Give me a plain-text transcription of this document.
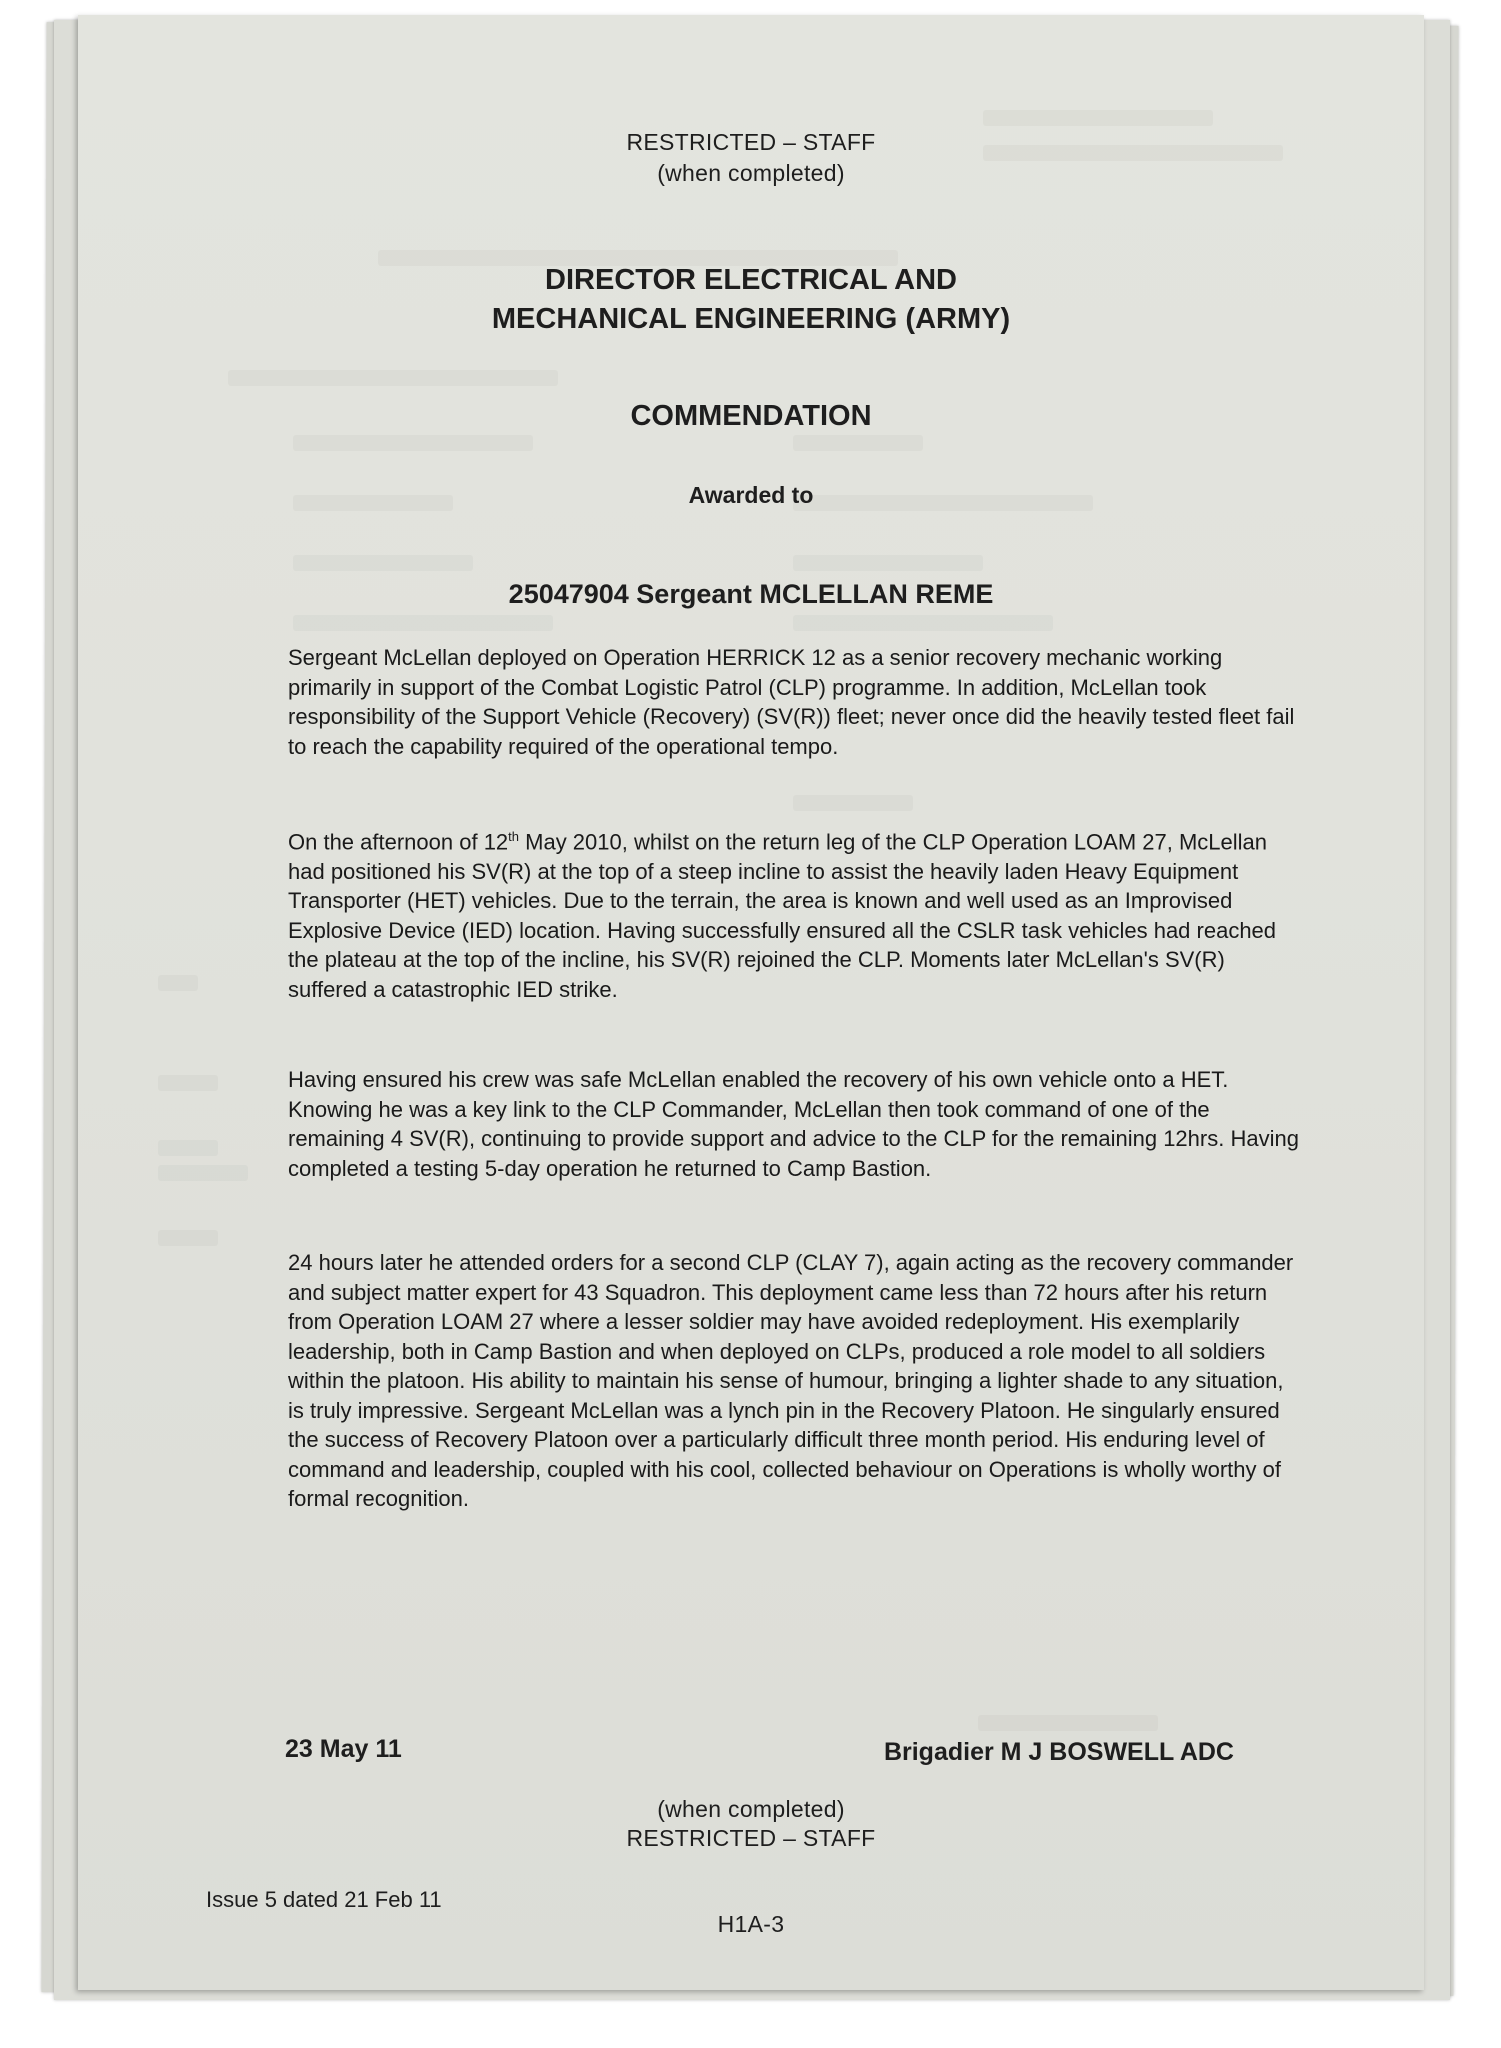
RESTRICTED – STAFF
(when completed)
DIRECTOR ELECTRICAL AND
MECHANICAL ENGINEERING (ARMY)
COMMENDATION
Awarded to
25047904 Sergeant MCLELLAN REME

Sergeant McLellan deployed on Operation HERRICK 12 as a senior recovery mechanic working primarily in support of the Combat Logistic Patrol (CLP) programme. In addition, McLellan took responsibility of the Support Vehicle (Recovery) (SV(R)) fleet; never once did the heavily tested fleet fail to reach the capability required of the operational tempo.

On the afternoon of 12th May 2010, whilst on the return leg of the CLP Operation LOAM 27, McLellan had positioned his SV(R) at the top of a steep incline to assist the heavily laden Heavy Equipment Transporter (HET) vehicles. Due to the terrain, the area is known and well used as an Improvised Explosive Device (IED) location. Having successfully ensured all the CSLR task vehicles had reached the plateau at the top of the incline, his SV(R) rejoined the CLP. Moments later McLellan's SV(R) suffered a catastrophic IED strike.

Having ensured his crew was safe McLellan enabled the recovery of his own vehicle onto a HET. Knowing he was a key link to the CLP Commander, McLellan then took command of one of the remaining 4 SV(R), continuing to provide support and advice to the CLP for the remaining 12hrs. Having completed a testing 5-day operation he returned to Camp Bastion.

24 hours later he attended orders for a second CLP (CLAY 7), again acting as the recovery commander and subject matter expert for 43 Squadron. This deployment came less than 72 hours after his return from Operation LOAM 27 where a lesser soldier may have avoided redeployment. His exemplarily leadership, both in Camp Bastion and when deployed on CLPs, produced a role model to all soldiers within the platoon. His ability to maintain his sense of humour, bringing a lighter shade to any situation, is truly impressive. Sergeant McLellan was a lynch pin in the Recovery Platoon. He singularly ensured the success of Recovery Platoon over a particularly difficult three month period. His enduring level of command and leadership, coupled with his cool, collected behaviour on Operations is wholly worthy of formal recognition.

23 May 11	Brigadier M J BOSWELL ADC
(when completed)
RESTRICTED – STAFF
Issue 5 dated 21 Feb 11
H1A-3
